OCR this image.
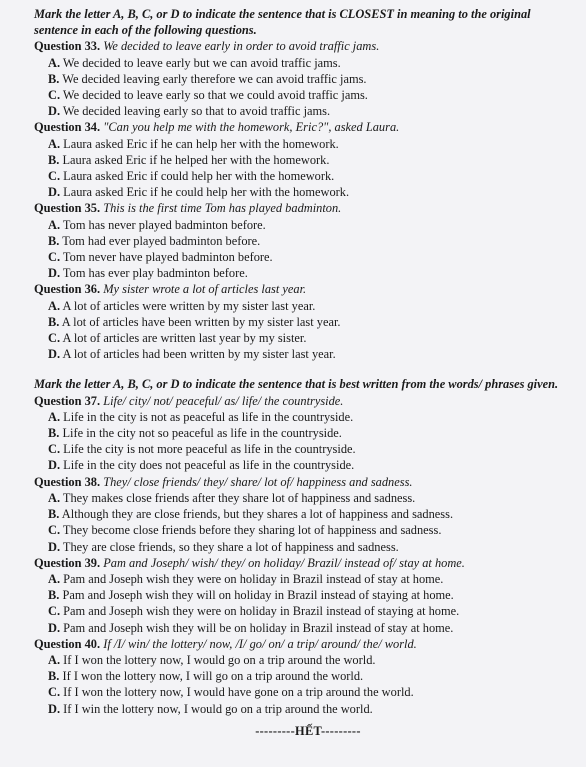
Mark the letter A, B, C, or D to indicate the sentence that is CLOSEST in meaning to the original sentence in each of the following questions.

Question 33. We decided to leave early in order to avoid traffic jams.
A. We decided to leave early but we can avoid traffic jams.
B. We decided leaving early therefore we can avoid traffic jams.
C. We decided to leave early so that we could avoid traffic jams.
D. We decided leaving early so that to avoid traffic jams.
Question 34. "Can you help me with the homework, Eric?", asked Laura.
A. Laura asked Eric if he can help her with the homework.
B. Laura asked Eric if he helped her with the homework.
C. Laura asked Eric if could help her with the homework.
D. Laura asked Eric if he could help her with the homework.
Question 35. This is the first time Tom has played badminton.
A. Tom has never played badminton before.
B. Tom had ever played badminton before.
C. Tom never have played badminton before.
D. Tom has ever play badminton before.
Question 36. My sister wrote a lot of articles last year.
A. A lot of articles were written by my sister last year.
B. A lot of articles have been written by my sister last year.
C. A lot of articles are written last year by my sister.
D. A lot of articles had been written by my sister last year.

Mark the letter A, B, C, or D to indicate the sentence that is best written from the words/ phrases given.

Question 37. Life/ city/ not/ peaceful/ as/ life/ the countryside.
A. Life in the city is not as peaceful as life in the countryside.
B. Life in the city not so peaceful as life in the countryside.
C. Life the city is not more peaceful as life in the countryside.
D. Life in the city does not peaceful as life in the countryside.
Question 38. They/ close friends/ they/ share/ lot of/ happiness and sadness.
A. They makes close friends after they share lot of happiness and sadness.
B. Although they are close friends, but they shares a lot of happiness and sadness.
C. They become close friends before they sharing lot of happiness and sadness.
D. They are close friends, so they share a lot of happiness and sadness.
Question 39. Pam and Joseph/ wish/ they/ on holiday/ Brazil/ instead of/ stay at home.
A. Pam and Joseph wish they were on holiday in Brazil instead of stay at home.
B. Pam and Joseph wish they will on holiday in Brazil instead of staying at home.
C. Pam and Joseph wish they were on holiday in Brazil instead of staying at home.
D. Pam and Joseph wish they will be on holiday in Brazil instead of stay at home.
Question 40. If /I/ win/ the lottery/ now, /I/ go/ on/ a trip/ around/ the/ world.
A. If I won the lottery now, I would go on a trip around the world.
B. If I won the lottery now, I will go on a trip around the world.
C. If I won the lottery now, I would have gone on a trip around the world.
D. If I win the lottery now, I would go on a trip around the world.
---------HẾT---------
